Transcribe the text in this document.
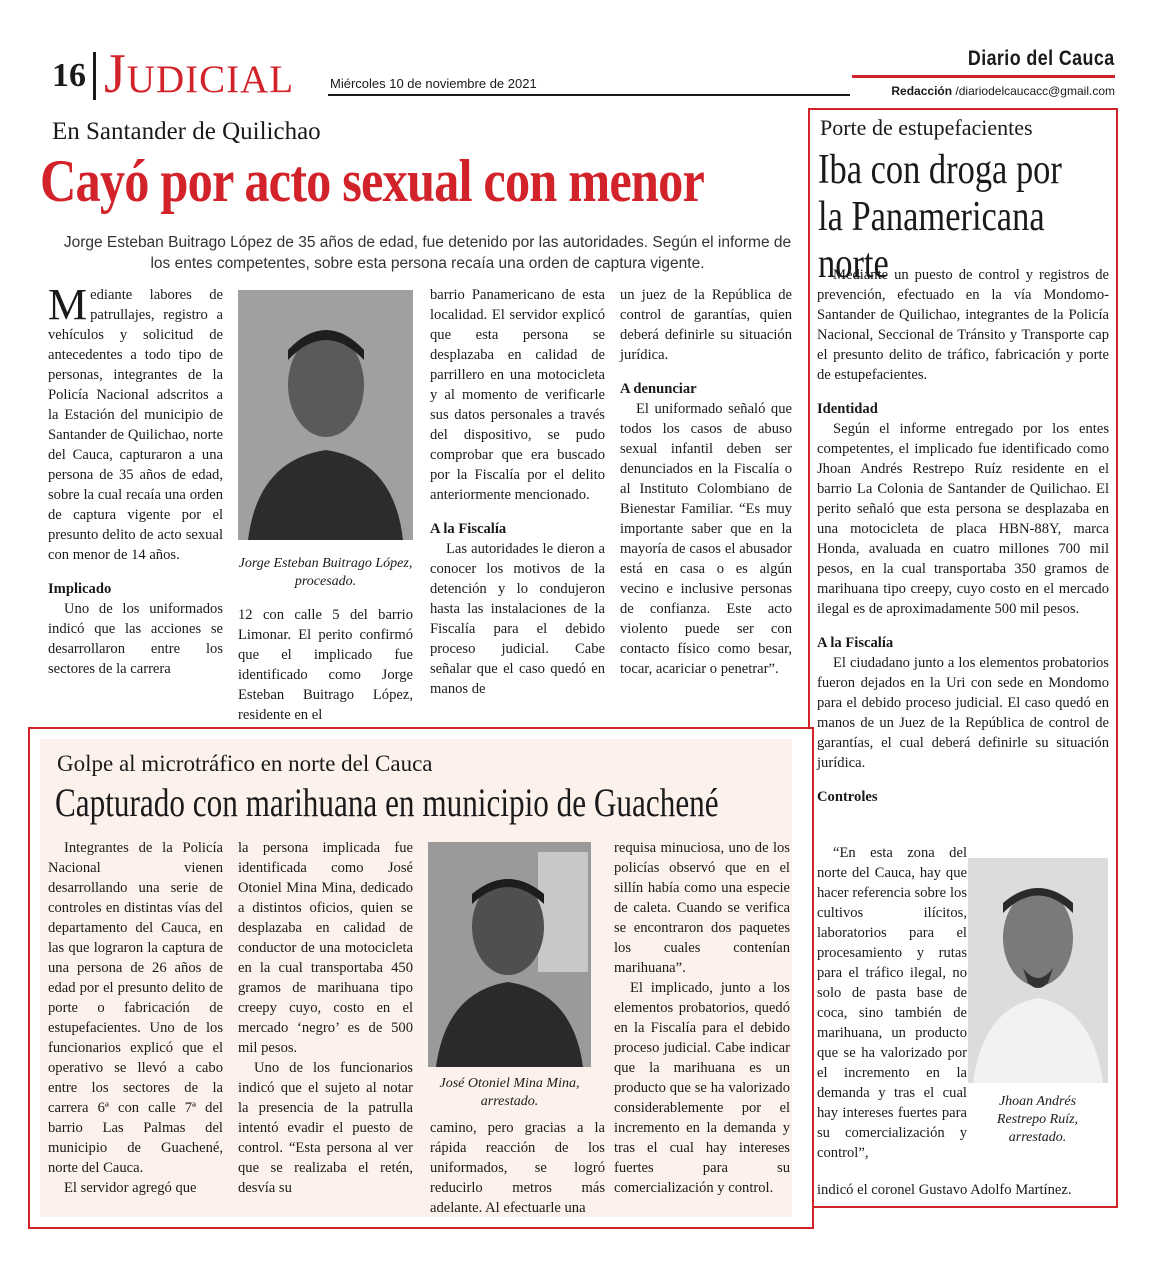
16 Judicial	Miércoles 10 de noviembre de 2021
Diario del Cauca
Redacción /diariodelcaucacc@gmail.com
En Santander de Quilichao
Cayó por acto sexual con menor
Jorge Esteban Buitrago López de 35 años de edad, fue detenido por las autoridades. Según el informe de los entes competentes, sobre esta persona recaía una orden de captura vigente.

Mediante labores de patrullajes, registro a vehículos y solicitud de antecedentes a todo tipo de personas, integrantes de la Policía Nacional adscritos a la Estación del municipio de Santander de Quilichao, norte del Cauca, capturaron a una persona de 35 años de edad, sobre la cual recaía una orden de captura vigente por el presunto delito de acto sexual con menor de 14 años.

Implicado

Uno de los uniformados indicó que las acciones se desarrollaron entre los sectores de la carrera

Jorge Esteban Buitrago López, procesado.

12 con calle 5 del barrio Limonar. El perito confirmó que el implicado fue identificado como Jorge Esteban Buitrago López, residente en el

barrio Panamericano de esta localidad. El servidor explicó que esta persona se desplazaba en calidad de parrillero en una motocicleta y al momento de verificarle sus datos personales a través del dispositivo, se pudo comprobar que era buscado por la Fiscalía por el delito anteriormente mencionado.

A la Fiscalía

Las autoridades le dieron a conocer los motivos de la detención y lo condujeron hasta las instalaciones de la Fiscalía para el debido proceso judicial. Cabe señalar que el caso quedó en manos de

un juez de la República de control de garantías, quien deberá definirle su situación jurídica.

A denunciar

El uniformado señaló que todos los casos de abuso sexual infantil deben ser denunciados en la Fiscalía o al Instituto Colombiano de Bienestar Familiar. “Es muy importante saber que en la mayoría de casos el abusador está en casa o es algún vecino e inclusive personas de confianza. Este acto violento puede ser con contacto físico como besar, tocar, acariciar o penetrar”.

Porte de estupefacientes
Iba con droga por la Panamericana norte

Mediante un puesto de control y registros de prevención, efectuado en la vía Mondomo- Santander de Quilichao, integrantes de la Policía Nacional, Seccional de Tránsito y Transporte cap el presunto delito de tráfico, fabricación y porte de estupefacientes.

Identidad

Según el informe entregado por los entes competentes, el implicado fue identificado como Jhoan Andrés Restrepo Ruíz residente en el barrio La Colonia de Santander de Quilichao. El perito señaló que esta persona se desplazaba en una motocicleta de placa HBN-88Y, marca Honda, avaluada en cuatro millones 700 mil pesos, en la cual transportaba 350 gramos de marihuana tipo creepy, cuyo costo en el mercado ilegal es de aproximadamente 500 mil pesos.

A la Fiscalía

El ciudadano junto a los elementos probatorios fueron dejados en la Uri con sede en Mondomo para el debido proceso judicial. El caso quedó en manos de un Juez de la República de control de garantías, el cual deberá definirle su situación jurídica.

Controles

“En esta zona del norte del Cauca, hay que hacer referencia sobre los cultivos ilícitos, laboratorios para el procesamiento y rutas para el tráfico ilegal, no solo de pasta base de coca, sino también de marihuana, un producto que se ha valorizado por el incremento en la demanda y tras el cual hay intereses fuertes para su comercialización y control”,

indicó el coronel Gustavo Adolfo Martínez.

Jhoan Andrés Restrepo Ruíz, arrestado.
Golpe al microtráfico en norte del Cauca
Capturado con marihuana en municipio de Guachené

Integrantes de la Policía Nacional vienen desarrollando una serie de controles en distintas vías del departamento del Cauca, en las que lograron la captura de una persona de 26 años de edad por el presunto delito de porte o fabricación de estupefacientes. Uno de los funcionarios explicó que el operativo se llevó a cabo entre los sectores de la carrera 6ª con calle 7ª del barrio Las Palmas del municipio de Guachené, norte del Cauca.

El servidor agregó que

la persona implicada fue identificada como José Otoniel Mina Mina, dedicado a distintos oficios, quien se desplazaba en calidad de conductor de una motocicleta en la cual transportaba 450 gramos de marihuana tipo creepy cuyo, costo en el mercado ‘negro’ es de 500 mil pesos.

Uno de los funcionarios indicó que el sujeto al notar la presencia de la patrulla intentó evadir el puesto de control. “Esta persona al ver que se realizaba el retén, desvía su

José Otoniel Mina Mina, arrestado.

camino, pero gracias a la rápida reacción de los uniformados, se logró reducirlo metros más adelante. Al efectuarle una

requisa minuciosa, uno de los policías observó que en el sillín había como una especie de caleta. Cuando se verifica se encontraron dos paquetes los cuales contenían marihuana”.

El implicado, junto a los elementos probatorios, quedó en la Fiscalía para el debido proceso judicial. Cabe indicar que la marihuana es un producto que se ha valorizado considerablemente por el incremento en la demanda y tras el cual hay intereses fuertes para su comercialización y control.
